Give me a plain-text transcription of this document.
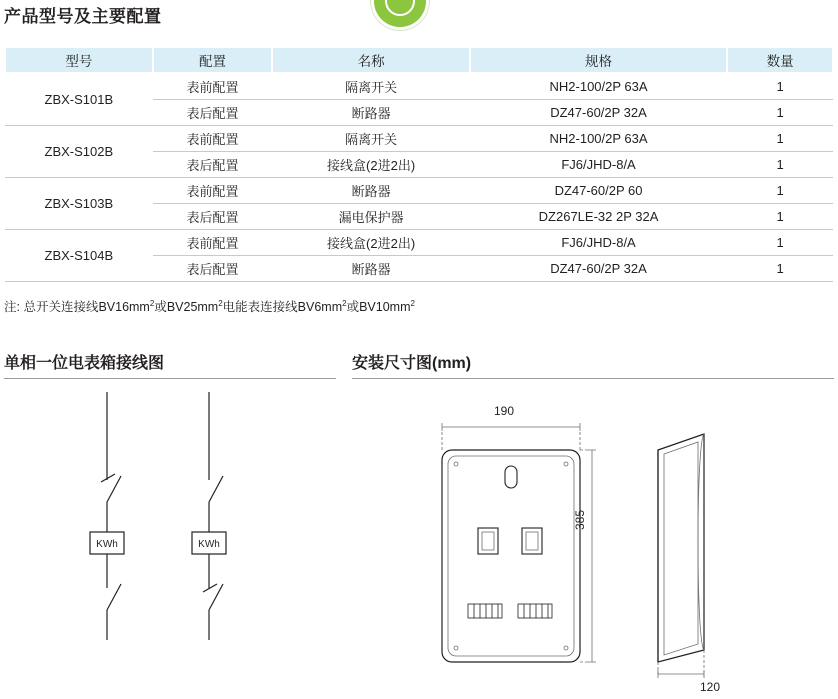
产品型号及主要配置
型号	配置	名称	规格	数量
ZBX-S101B	表前配置	隔离开关	NH2-100/2P 63A	1
	表后配置	断路器	DZ47-60/2P 32A	1
ZBX-S102B	表前配置	隔离开关	NH2-100/2P 63A	1
	表后配置	接线盒(2进2出)	FJ6/JHD-8/A	1
ZBX-S103B	表前配置	断路器	DZ47-60/2P 60	1
	表后配置	漏电保护器	DZ267LE-32 2P 32A	1
ZBX-S104B	表前配置	接线盒(2进2出)	FJ6/JHD-8/A	1
	表后配置	断路器	DZ47-60/2P 32A	1
注: 总开关连接线$BV16mm^2$或$BV25mm^2$电能表连接线$BV6mm^2$或$BV10mm^2$
单相一位电表箱接线图	安装尺寸图(mm)
KWh	KWh
190
385
120
